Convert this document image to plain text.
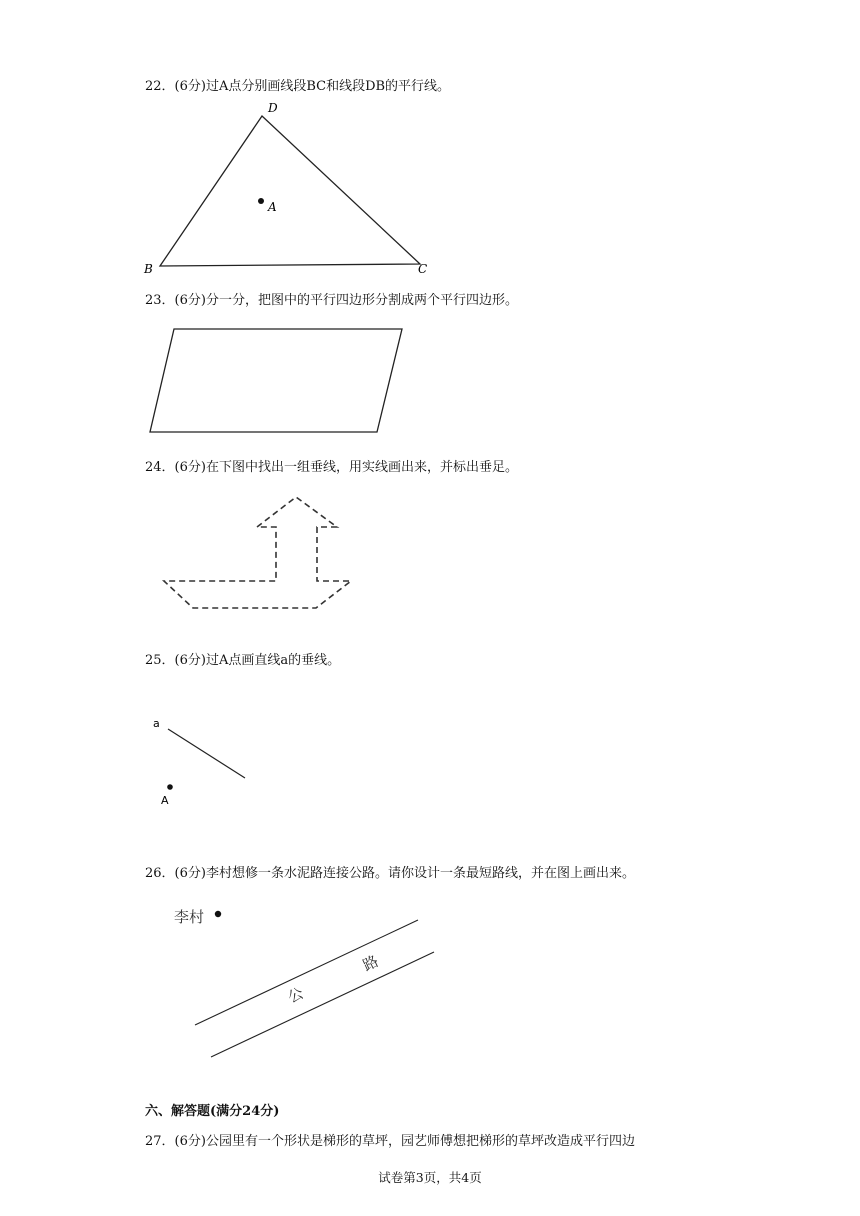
22．(6分)过A点分别画线段BC和线段DB的平行线。
23．(6分)分一分，把图中的平行四边形分割成两个平行四边形。
24．(6分)在下图中找出一组垂线，用实线画出来，并标出垂足。
25．(6分)过A点画直线a的垂线。
26．(6分)李村想修一条水泥路连接公路。请你设计一条最短路线，并在图上画出来。
六、解答题(满分24分)
27．(6分)公园里有一个形状是梯形的草坪，园艺师傅想把梯形的草坪改造成平行四边
试卷第3页，共4页
A
D
B	C
a
A
李村
公
路
